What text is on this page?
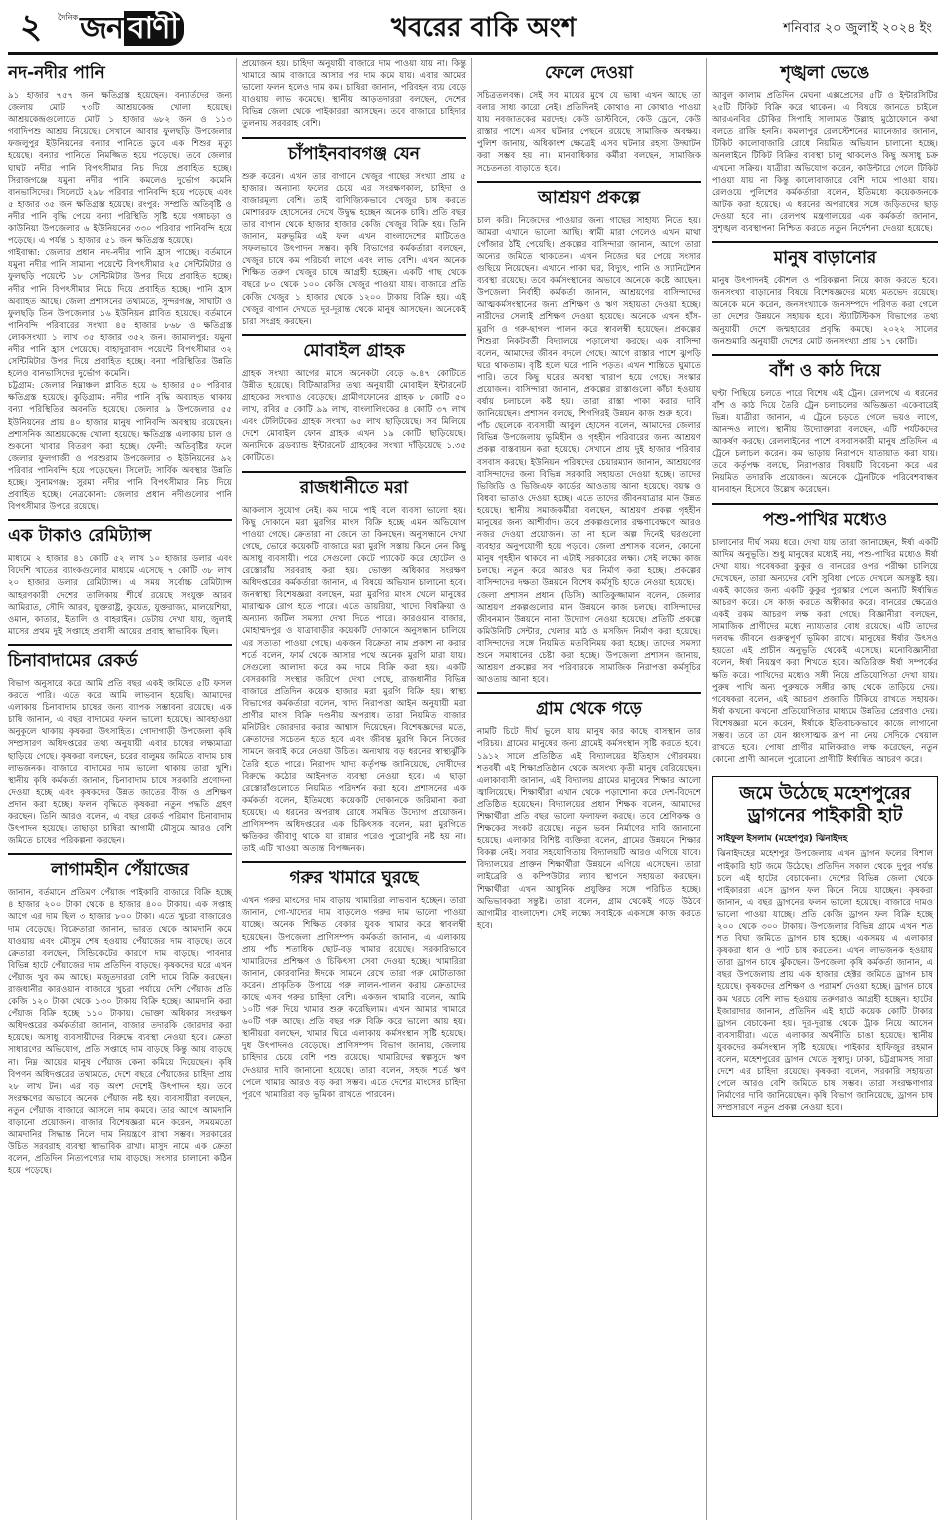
২	দৈনিক জন বাণী	খবরের বাকি অংশ	শনিবার ২০ জুলাই ২০২৪ ইং
নদ-নদীর পানি

৯১ হাজার ৭৫৭ জন ক্ষতিগ্রস্ত হয়েছেন। বন্যার্তদের জন্য জেলায় মোট ৭৩টি আশ্রয়কেন্দ্র খোলা হয়েছে। আশ্রয়কেন্দ্রগুলোতে মোট ১ হাজার ৬৮২ জন ও ১১৩ গবাদিপশু আশ্রয় নিয়েছে। সেখানে আবার ফুলছড়ি উপজেলার ফজলুপুর ইউনিয়নের বন্যার পানিতে ডুবে এক শিশুর মৃত্যু হয়েছে। বন্যার পানিতে নিমজ্জিত হয়ে পড়েছে। তবে জেলার ঘাঘট নদীর পানি বিপৎসীমার নিচ দিয়ে প্রবাহিত হচ্ছে। সিরাজগঞ্জে যমুনা নদীর পানি কমলেও দুর্ভোগ কমেনি বানভাসিদের। সিলেটে ২৯৮ পরিবার পানিবন্দি হয়ে পড়েছে এবং ৫ হাজার ৩৫ জন ক্ষতিগ্রস্ত হয়েছে। রংপুর: সম্প্রতি অতিবৃষ্টি ও নদীর পানি বৃদ্ধি পেয়ে বন্যা পরিস্থিতি সৃষ্টি হয়ে গঙ্গাচড়া ও কাউনিয়া উপজেলার ৬ ইউনিয়নের ৩৩০ পরিবার পানিবন্দি হয়ে পড়েছে। এ পর্যন্ত ১ হাজার ৫১ জন ক্ষতিগ্রস্ত হয়েছে।

গাইবান্ধা: জেলার প্রধান নদ-নদীর পানি হ্রাস পাচ্ছে। বর্তমানে যমুনা নদীর পানি সামান্য পয়েন্টে বিপৎসীমার ২৫ সেন্টিমিটার ও ফুলছড়ি পয়েন্টে ১৮ সেন্টিমিটার উপর দিয়ে প্রবাহিত হচ্ছে। নদীর পানি বিপৎসীমার নিচে দিয়ে প্রবাহিত হচ্ছে। পানি হ্রাস অব্যাহত আছে। জেলা প্রশাসনের তথ্যমতে, সুন্দরগঞ্জ, সাঘাটা ও ফুলছড়ি তিন উপজেলার ১৬ ইউনিয়ন প্লাবিত হয়েছে। বর্তমানে পানিবন্দি পরিবারের সংখ্যা ৪৫ হাজার ৮৬৮ ও ক্ষতিগ্রস্ত লোকসংখ্যা ১ লাখ ৩৫ হাজার ৩৫২ জন। জামালপুর: যমুনা নদীর পানি হ্রাস পেয়েছে। বাহাদুরাবাদ পয়েন্টে বিপৎসীমার ৩২ সেন্টিমিটার উপর দিয়ে প্রবাহিত হচ্ছে। বন্যা পরিস্থিতির উন্নতি হলেও বানভাসিদের দুর্ভোগ কমেনি।

চট্টগ্রাম: জেলার নিম্নাঞ্চল প্লাবিত হয়ে ৬ হাজার ৫০ পরিবার ক্ষতিগ্রস্ত হয়েছে। কুড়িগ্রাম: নদীর পানি বৃদ্ধি অব্যাহত থাকায় বন্যা পরিস্থিতির অবনতি হয়েছে। জেলার ৯ উপজেলার ৫৫ ইউনিয়নের প্রায় ৪০ হাজার মানুষ পানিবন্দি অবস্থায় রয়েছেন। প্রশাসনিক আশ্রয়কেন্দ্রে খোলা হয়েছে। ক্ষতিগ্রস্ত এলাকায় চাল ও শুকনো খাবার বিতরণ করা হচ্ছে। ফেনী: অতিবৃষ্টির ফলে জেলার ফুলগাজী ও পরশুরাম উপজেলার ৩ ইউনিয়নের ৯২ পরিবার পানিবন্দি হয়ে পড়েছেন। সিলেট: সার্বিক অবস্থার উন্নতি হচ্ছে। সুনামগঞ্জ: সুরমা নদীর পানি বিপৎসীমার নিচ দিয়ে প্রবাহিত হচ্ছে। নেত্রকোনা: জেলার প্রধান নদীগুলোর পানি বিপৎসীমার উপরে রয়েছে।

এক টাকাও রেমিট্যান্স

মাধ্যমে ২ হাজার ৪১ কোটি ৫২ লাখ ১০ হাজার ডলার এবং বিদেশি খাতের ব্যাংকগুলোর মাধ্যমে এসেছে ৭ কোটি ৩৮ লাখ ২০ হাজার ডলার রেমিট্যান্স। এ সময় সর্বোচ্চ রেমিট্যান্স আহরণকারী দেশের তালিকায় শীর্ষে রয়েছে সংযুক্ত আরব আমিরাত, সৌদি আরব, যুক্তরাষ্ট্র, কুয়েত, যুক্তরাজ্য, মালয়েশিয়া, ওমান, কাতার, ইতালি ও বাহরাইন। ডেটায় দেখা যায়, জুলাই মাসের প্রথম দুই সপ্তাহে প্রবাসী আয়ের প্রবাহ স্বাভাবিক ছিল।

চিনাবাদামের রেকর্ড

বিভাগ অনুসারে করে আমি প্রতি বছর একই জমিতে ৫টি ফসল করতে পারি। এতে করে আমি লাভবান হয়েছি। আমাদের এলাকায় চিনাবাদাম চাষের জন্য ব্যাপক সম্ভাবনা রয়েছে। এক চাষি জানান, এ বছর বাদামের ফলন ভালো হয়েছে। আবহাওয়া অনুকূলে থাকায় কৃষকরা উৎসাহিত। গোদাগাড়ী উপজেলা কৃষি সম্প্রসারণ অধিদপ্তরের তথ্য অনুযায়ী এবার চাষের লক্ষ্যমাত্রা ছাড়িয়ে গেছে। কৃষকরা বলছেন, চরের বালুময় জমিতে বাদাম চাষ লাভজনক। বাজারে বাদামের দাম ভালো থাকায় তারা খুশি। স্থানীয় কৃষি কর্মকর্তা জানান, চিনাবাদাম চাষে সরকারি প্রণোদনা দেওয়া হচ্ছে এবং কৃষকদের উন্নত জাতের বীজ ও প্রশিক্ষণ প্রদান করা হচ্ছে। ফলন বৃদ্ধিতে কৃষকরা নতুন পদ্ধতি গ্রহণ করছেন। তিনি আরও বলেন, এ বছর রেকর্ড পরিমাণ চিনাবাদাম উৎপাদন হয়েছে। তাছাড়া চাষিরা আগামী মৌসুমে আরও বেশি জমিতে চাষের পরিকল্পনা করছেন।

লাগামহীন পেঁয়াজের

জানান, বর্তমানে প্রতিমণ পেঁয়াজ পাইকারি বাজারে বিক্রি হচ্ছে ৪ হাজার ২০০ টাকা থেকে ৪ হাজার ৪০০ টাকায়। এক সপ্তাহ আগে এর দাম ছিল ৩ হাজার ৮০০ টাকা। এতে খুচরা বাজারেও দাম বেড়েছে। বিক্রেতারা জানান, ভারত থেকে আমদানি কমে যাওয়ায় এবং মৌসুম শেষ হওয়ায় পেঁয়াজের দাম বাড়ছে। তবে ক্রেতারা বলছেন, সিন্ডিকেটের কারণে দাম বাড়ছে। পাবনার বিভিন্ন হাটে পেঁয়াজের দাম প্রতিদিন বাড়ছে। কৃষকদের ঘরে এখন পেঁয়াজ খুব কম আছে। মজুতদাররা বেশি দামে বিক্রি করছেন। রাজধানীর কারওয়ান বাজারে খুচরা পর্যায়ে দেশি পেঁয়াজ প্রতি কেজি ১২০ টাকা থেকে ১৩০ টাকায় বিক্রি হচ্ছে। আমদানি করা পেঁয়াজ বিক্রি হচ্ছে ১১০ টাকায়। ভোক্তা অধিকার সংরক্ষণ অধিদপ্তরের কর্মকর্তারা জানান, বাজার তদারকি জোরদার করা হয়েছে। অসাধু ব্যবসায়ীদের বিরুদ্ধে ব্যবস্থা নেওয়া হবে। ক্রেতা সাধারণের অভিযোগ, প্রতি সপ্তাহে দাম বাড়ছে কিন্তু আয় বাড়ছে না। নিম্ন আয়ের মানুষ পেঁয়াজ কেনা কমিয়ে দিয়েছেন। কৃষি বিপণন অধিদপ্তরের তথ্যমতে, দেশে বছরে পেঁয়াজের চাহিদা প্রায় ২৮ লাখ টন। এর বড় অংশ দেশেই উৎপাদন হয়। তবে সংরক্ষণের অভাবে অনেক পেঁয়াজ নষ্ট হয়। ব্যবসায়ীরা বলছেন, নতুন পেঁয়াজ বাজারে আসলে দাম কমবে। তার আগে আমদানি বাড়ানো প্রয়োজন। বাজার বিশেষজ্ঞরা মনে করেন, সময়মতো আমদানির সিদ্ধান্ত নিলে দাম নিয়ন্ত্রণে রাখা সম্ভব। সরকারের উচিত সরবরাহ ব্যবস্থা স্বাভাবিক রাখা। মাসুদ নামে এক ক্রেতা বলেন, প্রতিদিন নিত্যপণ্যের দাম বাড়ছে। সংসার চালানো কঠিন হয়ে পড়েছে।

প্রয়োজন হয়। চাহিদা অনুযায়ী বাজারে দাম পাওয়া যায় না। কিন্তু খামারে আম বাজারে আসার পর দাম কমে যায়। এবার আমের ভালো ফলন হলেও দাম কম। চাষিরা জানান, পরিবহন ব্যয় বেড়ে যাওয়ায় লাভ কমেছে। স্থানীয় আড়তদাররা বলছেন, দেশের বিভিন্ন জেলা থেকে পাইকাররা আসছেন। তবে বাজারে চাহিদার তুলনায় সরবরাহ বেশি।

চাঁপাইনবাবগঞ্জ যেন

শুরু করেন। এখন তার বাগানে খেজুর গাছের সংখ্যা প্রায় ৫ হাজার। অন্যান্য ফলের চেয়ে এর সংরক্ষণকাল, চাহিদা ও বাজারমূল্য বেশি। তাই বাণিজ্যিকভাবে খেজুর চাষ করতে মোশাররফ হোসেনের দেখে উদ্বুদ্ধ হচ্ছেন অনেক চাষি। প্রতি বছর তার বাগান থেকে হাজার হাজার কেজি খেজুর বিক্রি হয়। তিনি জানান, মরুভূমির এই ফল এখন বাংলাদেশের মাটিতেও সফলভাবে উৎপাদন সম্ভব। কৃষি বিভাগের কর্মকর্তারা বলছেন, খেজুর চাষে কম পরিচর্যা লাগে এবং লাভ বেশি। এখন অনেক শিক্ষিত তরুণ খেজুর চাষে আগ্রহী হচ্ছেন। একটি গাছ থেকে বছরে ৮০ থেকে ১০০ কেজি খেজুর পাওয়া যায়। বাজারে প্রতি কেজি খেজুর ১ হাজার থেকে ১২০০ টাকায় বিক্রি হয়। এই খেজুর বাগান দেখতে দূর-দূরান্ত থেকে মানুষ আসছেন। অনেকেই চারা সংগ্রহ করছেন।

মোবাইল গ্রাহক

গ্রাহক সংখ্যা আগের মাসে অনেকটা বেড়ে ৬.৪৭ কোটিতে উন্নীত হয়েছে। বিটিআরসির তথ্য অনুযায়ী মোবাইল ইন্টারনেট গ্রাহকের সংখ্যাও বেড়েছে। গ্রামীণফোনের গ্রাহক ৮ কোটি ৫০ লাখ, রবির ৫ কোটি ৯৯ লাখ, বাংলালিংকের ৪ কোটি ৩৭ লাখ এবং টেলিটকের গ্রাহক সংখ্যা ৬৫ লাখ ছাড়িয়েছে। সব মিলিয়ে দেশে মোবাইল ফোন গ্রাহক এখন ১৯ কোটি ছাড়িয়েছে। অন্যদিকে ব্রডব্যান্ড ইন্টারনেট গ্রাহকের সংখ্যা দাঁড়িয়েছে ১.৩৫ কোটিতে।

রাজধানীতে মরা

আকলাস সুযোগ নেই। কম দামে পাই বলে ব্যবসা ভালো হয়। কিছু দোকানে মরা মুরগির মাংস বিক্রি হচ্ছে এমন অভিযোগ পাওয়া গেছে। ক্রেতারা না জেনে তা কিনছেন। অনুসন্ধানে দেখা গেছে, ভোরে কয়েকটি বাজারে মরা মুরগি সস্তায় কিনে নেন কিছু অসাধু ব্যবসায়ী। পরে সেগুলো কেটে প্যাকেট করে হোটেল ও রেস্তোরাঁয় সরবরাহ করা হয়। ভোক্তা অধিকার সংরক্ষণ অধিদপ্তরের কর্মকর্তারা জানান, এ বিষয়ে অভিযান চালানো হবে। জনস্বাস্থ্য বিশেষজ্ঞরা বলছেন, মরা মুরগির মাংস খেলে মানুষের মারাত্মক রোগ হতে পারে। এতে ডায়রিয়া, খাদ্যে বিষক্রিয়া ও অন্যান্য জটিল সমস্যা দেখা দিতে পারে। কারওয়ান বাজার, মোহাম্মদপুর ও যাত্রাবাড়ীর কয়েকটি দোকানে অনুসন্ধান চালিয়ে এর সত্যতা পাওয়া গেছে। একজন বিক্রেতা নাম প্রকাশ না করার শর্তে বলেন, ফার্ম থেকে আসার পথে অনেক মুরগি মারা যায়। সেগুলো আলাদা করে কম দামে বিক্রি করা হয়। একটি বেসরকারি সংস্থার জরিপে দেখা গেছে, রাজধানীর বিভিন্ন বাজারে প্রতিদিন কয়েক হাজার মরা মুরগি বিক্রি হয়। স্বাস্থ্য বিভাগের কর্মকর্তারা বলেন, খাদ্য নিরাপত্তা আইন অনুযায়ী মরা প্রাণীর মাংস বিক্রি দণ্ডনীয় অপরাধ। তারা নিয়মিত বাজার মনিটরিং জোরদার করার আশ্বাস দিয়েছেন। বিশেষজ্ঞদের মতে, ক্রেতাদের সচেতন হতে হবে এবং জীবন্ত মুরগি কিনে নিজের সামনে জবাই করে নেওয়া উচিত। অন্যথায় বড় ধরনের স্বাস্থ্যঝুঁকি তৈরি হতে পারে। নিরাপদ খাদ্য কর্তৃপক্ষ জানিয়েছে, দোষীদের বিরুদ্ধে কঠোর আইনগত ব্যবস্থা নেওয়া হবে। এ ছাড়া রেস্তোরাঁগুলোতে নিয়মিত পরিদর্শন করা হবে। প্রশাসনের এক কর্মকর্তা বলেন, ইতিমধ্যে কয়েকটি দোকানকে জরিমানা করা হয়েছে। এ ধরনের অপরাধ রোধে সমন্বিত উদ্যোগ প্রয়োজন। প্রাণিসম্পদ অধিদপ্তরের এক চিকিৎসক বলেন, মরা মুরগিতে ক্ষতিকর জীবাণু থাকে যা রান্নার পরেও পুরোপুরি নষ্ট হয় না। তাই এটি খাওয়া অত্যন্ত বিপজ্জনক।

গরুর খামারে ঘুরছে

এখন গরুর মাংসের দাম বাড়ায় খামারিরা লাভবান হচ্ছেন। তারা জানান, গো-খাদ্যের দাম বাড়লেও গরুর দাম ভালো পাওয়া যাচ্ছে। অনেক শিক্ষিত বেকার যুবক খামার করে স্বাবলম্বী হয়েছেন। উপজেলা প্রাণিসম্পদ কর্মকর্তা জানান, এ এলাকায় প্রায় পাঁচ শতাধিক ছোট-বড় খামার রয়েছে। সরকারিভাবে খামারিদের প্রশিক্ষণ ও চিকিৎসা সেবা দেওয়া হচ্ছে। খামারিরা জানান, কোরবানির ঈদকে সামনে রেখে তারা গরু মোটাতাজা করেন। প্রাকৃতিক উপায়ে গরু লালন-পালন করায় ক্রেতাদের কাছে এসব গরুর চাহিদা বেশি। একজন খামারি বলেন, আমি ১০টি গরু দিয়ে খামার শুরু করেছিলাম। এখন আমার খামারে ৬০টি গরু আছে। প্রতি বছর গরু বিক্রি করে ভালো আয় হয়। স্থানীয়রা বলছেন, খামার ঘিরে এলাকায় কর্মসংস্থান সৃষ্টি হয়েছে। দুধ উৎপাদনও বেড়েছে। প্রাণিসম্পদ বিভাগ জানায়, জেলায় চাহিদার চেয়ে বেশি পশু রয়েছে। খামারিদের স্বল্পসুদে ঋণ দেওয়ার দাবি জানানো হয়েছে। তারা বলেন, সহজ শর্তে ঋণ পেলে খামার আরও বড় করা সম্ভব। এতে দেশের মাংসের চাহিদা পূরণে খামারিরা বড় ভূমিকা রাখতে পারবেন।

ফেলে দেওয়া

সচিত্রতলবন্ধ। সেই সব মায়ের মুখে যে ভাষা এখন আছে তা বলার সাধ্য কারো নেই। প্রতিদিনই কোথাও না কোথাও পাওয়া যায় নবজাতকের মরদেহ। কেউ ডাস্টবিনে, কেউ ড্রেনে, কেউ রাস্তার পাশে। এসব ঘটনার পেছনে রয়েছে সামাজিক অবক্ষয়। পুলিশ জানায়, অধিকাংশ ক্ষেত্রেই এসব ঘটনার রহস্য উদ্ঘাটন করা সম্ভব হয় না। মানবাধিকার কর্মীরা বলছেন, সামাজিক সচেতনতা বাড়াতে হবে।

আশ্রয়ণ প্রকল্পে

চাল করি। নিজেদের পাওয়ার জন্য গাছের সাহায্য নিতে হয়। আমরা এখানে ভালো আছি। স্বামী মারা গেলেও এখন মাথা গোঁজার ঠাঁই পেয়েছি। প্রকল্পের বাসিন্দারা জানান, আগে তারা অন্যের জমিতে থাকতেন। এখন নিজের ঘর পেয়ে সংসার গুছিয়ে নিয়েছেন। এখানে পাকা ঘর, বিদ্যুৎ, পানি ও স্যানিটেশন ব্যবস্থা রয়েছে। তবে কর্মসংস্থানের অভাবে অনেকে কষ্টে আছেন। উপজেলা নির্বাহী কর্মকর্তা জানান, আশ্রয়ণের বাসিন্দাদের আত্মকর্মসংস্থানের জন্য প্রশিক্ষণ ও ঋণ সহায়তা দেওয়া হচ্ছে। নারীদের সেলাই প্রশিক্ষণ দেওয়া হয়েছে। অনেকে এখন হাঁস-মুরগি ও গরু-ছাগল পালন করে স্বাবলম্বী হয়েছেন। প্রকল্পের শিশুরা নিকটবর্তী বিদ্যালয়ে পড়ালেখা করছে। এক বাসিন্দা বলেন, আমাদের জীবন বদলে গেছে। আগে রাস্তার পাশে ঝুপড়ি ঘরে থাকতাম। বৃষ্টি হলে ঘরে পানি পড়ত। এখন শান্তিতে ঘুমাতে পারি। তবে কিছু ঘরের অবস্থা খারাপ হয়ে গেছে। সংস্কার প্রয়োজন। বাসিন্দারা জানান, প্রকল্পের রাস্তাগুলো কাঁচা হওয়ায় বর্ষায় চলাচলে কষ্ট হয়। তারা রাস্তা পাকা করার দাবি জানিয়েছেন। প্রশাসন বলছে, শিগগিরই উন্নয়ন কাজ শুরু হবে।

পাঁচ ছেলেকে ব্যবসায়ী আবুল হোসেন বলেন, আমাদের জেলার বিভিন্ন উপজেলায় ভূমিহীন ও গৃহহীন পরিবারের জন্য আশ্রয়ণ প্রকল্প বাস্তবায়ন করা হয়েছে। সেখানে প্রায় দুই হাজার পরিবার বসবাস করছে। ইউনিয়ন পরিষদের চেয়ারম্যান জানান, আশ্রয়ণের বাসিন্দাদের জন্য বিভিন্ন সরকারি সহায়তা দেওয়া হচ্ছে। তাদের ভিজিডি ও ভিজিএফ কার্ডের আওতায় আনা হয়েছে। বয়স্ক ও বিধবা ভাতাও দেওয়া হচ্ছে। এতে তাদের জীবনযাত্রার মান উন্নত হয়েছে। স্থানীয় সমাজকর্মীরা বলছেন, আশ্রয়ণ প্রকল্প গৃহহীন মানুষের জন্য আশীর্বাদ। তবে প্রকল্পগুলোর রক্ষণাবেক্ষণে আরও নজর দেওয়া প্রয়োজন। তা না হলে অল্প দিনেই ঘরগুলো ব্যবহার অনুপযোগী হয়ে পড়বে। জেলা প্রশাসক বলেন, কোনো মানুষ গৃহহীন থাকবে না এটাই সরকারের লক্ষ্য। সেই লক্ষ্যে কাজ চলছে। নতুন করে আরও ঘর নির্মাণ করা হচ্ছে। প্রকল্পের বাসিন্দাদের দক্ষতা উন্নয়নে বিশেষ কর্মসূচি হাতে নেওয়া হয়েছে।

জেলা প্রশাসন প্রধান (ডিসি) আতিকুজ্জামান বলেন, জেলার আশ্রয়ণ প্রকল্পগুলোর মান উন্নয়নে কাজ চলছে। বাসিন্দাদের জীবনমান উন্নয়নে নানা উদ্যোগ নেওয়া হয়েছে। প্রতিটি প্রকল্পে কমিউনিটি সেন্টার, খেলার মাঠ ও মসজিদ নির্মাণ করা হয়েছে। বাসিন্দাদের সঙ্গে নিয়মিত মতবিনিময় করা হচ্ছে। তাদের সমস্যা শুনে সমাধানের চেষ্টা করা হচ্ছে। উপজেলা প্রশাসন জানায়, আশ্রয়ণ প্রকল্পের সব পরিবারকে সামাজিক নিরাপত্তা কর্মসূচির আওতায় আনা হবে।

গ্রাম থেকে গড়ে

নামটি চিটে দীর্ঘ ভুলে যায় মানুষ কার কাছে বাসস্থান তার পরিচয়। গ্রামের মানুষের জন্য গ্রামেই কর্মসংস্থান সৃষ্টি করতে হবে। ১৯১২ সালে প্রতিষ্ঠিত এই বিদ্যালয়ের ইতিহাস গৌরবময়। শতবর্ষী এই শিক্ষাপ্রতিষ্ঠান থেকে অসংখ্য কৃতী মানুষ বেরিয়েছেন। এলাকাবাসী জানান, এই বিদ্যালয় গ্রামের মানুষের শিক্ষার আলো জ্বালিয়েছে। শিক্ষার্থীরা এখান থেকে পড়াশোনা করে দেশ-বিদেশে প্রতিষ্ঠিত হয়েছেন। বিদ্যালয়ের প্রধান শিক্ষক বলেন, আমাদের শিক্ষার্থীরা প্রতি বছর ভালো ফলাফল করছে। তবে শ্রেণিকক্ষ ও শিক্ষকের সংকট রয়েছে। নতুন ভবন নির্মাণের দাবি জানানো হয়েছে। এলাকার বিশিষ্ট ব্যক্তিরা বলেন, গ্রামের উন্নয়নে শিক্ষার বিকল্প নেই। সবার সহযোগিতায় বিদ্যালয়টি আরও এগিয়ে যাবে। বিদ্যালয়ের প্রাক্তন শিক্ষার্থীরা উন্নয়নে এগিয়ে এসেছেন। তারা লাইব্রেরি ও কম্পিউটার ল্যাব স্থাপনে সহায়তা করছেন। শিক্ষার্থীরা এখন আধুনিক প্রযুক্তির সঙ্গে পরিচিত হচ্ছে। অভিভাবকরা সন্তুষ্ট। তারা বলেন, গ্রাম থেকেই গড়ে উঠবে আগামীর বাংলাদেশ। সেই লক্ষ্যে সবাইকে একসঙ্গে কাজ করতে হবে।

শৃঙ্খলা ভেঙে

আবুল কালাম প্রতিদিন মেঘনা এক্সপ্রেসের ৫টি ও ইন্টারসিটির ২৫টি টিকিট বিক্রি করে থাকেন। এ বিষয়ে জানতে চাইলে আরএনবির চৌকির সিপাহি সালামত উল্লাহ মুঠোফোনে কথা বলতে রাজি হননি। কমলাপুর রেলস্টেশনের ম্যানেজার জানান, টিকিট কালোবাজারি রোধে নিয়মিত অভিযান চালানো হচ্ছে। অনলাইনে টিকিট বিক্রির ব্যবস্থা চালু থাকলেও কিছু অসাধু চক্র এখনো সক্রিয়। যাত্রীরা অভিযোগ করেন, কাউন্টারে গেলে টিকিট পাওয়া যায় না কিন্তু কালোবাজারে বেশি দামে পাওয়া যায়। রেলওয়ে পুলিশের কর্মকর্তারা বলেন, ইতিমধ্যে কয়েকজনকে আটক করা হয়েছে। এ ধরনের অপরাধের সঙ্গে জড়িতদের ছাড় দেওয়া হবে না। রেলপথ মন্ত্রণালয়ের এক কর্মকর্তা জানান, সুশৃঙ্খল ব্যবস্থাপনা নিশ্চিত করতে নতুন নির্দেশনা দেওয়া হয়েছে।

মানুষ বাড়ানোর

মানুষ উৎপাদনই কৌশল ও পরিকল্পনা নিয়ে কাজ করতে হবে। জনসংখ্যা বাড়ানোর বিষয়ে বিশেষজ্ঞদের মধ্যে মতভেদ রয়েছে। অনেকে মনে করেন, জনসংখ্যাকে জনসম্পদে পরিণত করা গেলে তা দেশের উন্নয়নে সহায়ক হবে। স্ট্যাটিস্টিকস বিভাগের তথ্য অনুযায়ী দেশে জন্মহারের প্রবৃদ্ধি কমছে। ২০২২ সালের জনশুমারি অনুযায়ী দেশের মোট জনসংখ্যা প্রায় ১৭ কোটি।

বাঁশ ও কাঠ দিয়ে

ঘণ্টা পিছিয়ে চলতে পারে বিশেষ এই ট্রেন। রেলপথে এ ধরনের বাঁশ ও কাঠ দিয়ে তৈরি ট্রেন চলাচলের অভিজ্ঞতা একেবারেই ভিন্ন। যাত্রীরা জানান, এ ট্রেনে চড়তে গেলে ভয়ও লাগে, আনন্দও লাগে। স্থানীয় উদ্যোক্তারা বলছেন, এটি পর্যটকদের আকর্ষণ করছে। রেললাইনের পাশে বসবাসকারী মানুষ প্রতিদিন এ ট্রেনে চলাচল করেন। কম ভাড়ায় নিরাপদে যাতায়াত করা যায়। তবে কর্তৃপক্ষ বলছে, নিরাপত্তার বিষয়টি বিবেচনা করে এর নিয়মিত তদারকি প্রয়োজন। অনেকে ট্রেনটিকে পরিবেশবান্ধব যানবাহন হিসেবে উল্লেখ করেছেন।

পশু-পাখির মধ্যেও

চালানোর দীর্ঘ সময় ধরে। দেখা যায় তারা জানাচ্ছেন, ঈর্ষা একটি আদিম অনুভূতি। শুধু মানুষের মধ্যেই নয়, পশু-পাখির মধ্যেও ঈর্ষা দেখা যায়। গবেষকরা কুকুর ও বানরের ওপর পরীক্ষা চালিয়ে দেখেছেন, তারা অন্যদের বেশি সুবিধা পেতে দেখলে অসন্তুষ্ট হয়। একই কাজের জন্য একটি কুকুর পুরস্কার পেলে অন্যটি ঈর্ষান্বিত আচরণ করে। সে কাজ করতে অস্বীকার করে। বানরের ক্ষেত্রেও একই রকম আচরণ লক্ষ করা গেছে। বিজ্ঞানীরা বলছেন, সামাজিক প্রাণীদের মধ্যে ন্যায্যতার বোধ রয়েছে। এটি তাদের দলবদ্ধ জীবনে গুরুত্বপূর্ণ ভূমিকা রাখে। মানুষের ঈর্ষার উৎসও হয়তো এই প্রাচীন অনুভূতি থেকেই এসেছে। মনোবিজ্ঞানীরা বলেন, ঈর্ষা নিয়ন্ত্রণ করা শিখতে হবে। অতিরিক্ত ঈর্ষা সম্পর্কের ক্ষতি করে। পাখিদের মধ্যেও সঙ্গী নিয়ে প্রতিযোগিতা দেখা যায়। পুরুষ পাখি অন্য পুরুষকে সঙ্গীর কাছ থেকে তাড়িয়ে দেয়। গবেষকরা বলেন, এই আচরণ প্রজাতি টিকিয়ে রাখতে সহায়ক। ঈর্ষা কখনো কখনো প্রতিযোগিতার মাধ্যমে উন্নতির প্রেরণাও দেয়। বিশেষজ্ঞরা মনে করেন, ঈর্ষাকে ইতিবাচকভাবে কাজে লাগানো সম্ভব। তবে তা যেন ধ্বংসাত্মক রূপ না নেয় সেদিকে খেয়াল রাখতে হবে। পোষা প্রাণীর মালিকরাও লক্ষ করেছেন, নতুন কোনো প্রাণী আনলে পুরোনো প্রাণীটি ঈর্ষান্বিত আচরণ করে।

জমে উঠেছে মহেশপুরের ড্রাগনের পাইকারী হাট
সাইফুল ইসলাম (মহেশপুর) ঝিনাইদহ

ঝিনাইদহের মহেশপুর উপজেলায় এখন ড্রাগন ফলের বিশাল পাইকারি হাট জমে উঠেছে। প্রতিদিন সকাল থেকে দুপুর পর্যন্ত চলে এই হাটের বেচাকেনা। দেশের বিভিন্ন জেলা থেকে পাইকাররা এসে ড্রাগন ফল কিনে নিয়ে যাচ্ছেন। কৃষকরা জানান, এ বছর ড্রাগনের ফলন ভালো হয়েছে। বাজারে দামও ভালো পাওয়া যাচ্ছে। প্রতি কেজি ড্রাগন ফল বিক্রি হচ্ছে ২০০ থেকে ৩০০ টাকায়। উপজেলার বিভিন্ন গ্রামে এখন শত শত বিঘা জমিতে ড্রাগন চাষ হচ্ছে। একসময় এ এলাকার কৃষকরা ধান ও পাট চাষ করতেন। এখন লাভজনক হওয়ায় তারা ড্রাগন চাষে ঝুঁকছেন। উপজেলা কৃষি কর্মকর্তা জানান, এ বছর উপজেলায় প্রায় এক হাজার হেক্টর জমিতে ড্রাগন চাষ হয়েছে। কৃষকদের প্রশিক্ষণ ও পরামর্শ দেওয়া হচ্ছে। ড্রাগন চাষে কম খরচে বেশি লাভ হওয়ায় তরুণরাও আগ্রহী হচ্ছেন। হাটের ইজারাদার জানান, প্রতিদিন এই হাটে কয়েক কোটি টাকার ড্রাগন বেচাকেনা হয়। দূর-দূরান্ত থেকে ট্রাক নিয়ে আসেন ব্যবসায়ীরা। এতে এলাকার অর্থনীতি চাঙা হয়েছে। স্থানীয় যুবকদের কর্মসংস্থান সৃষ্টি হয়েছে। পাইকার হাফিজুর রহমান বলেন, মহেশপুরের ড্রাগন খেতে সুস্বাদু। ঢাকা, চট্টগ্রামসহ সারা দেশে এর চাহিদা রয়েছে। কৃষকরা বলেন, সরকারি সহায়তা পেলে আরও বেশি জমিতে চাষ সম্ভব। তারা সংরক্ষণাগার নির্মাণের দাবি জানিয়েছেন। কৃষি বিভাগ জানিয়েছে, ড্রাগন চাষ সম্প্রসারণে নতুন প্রকল্প নেওয়া হবে।
